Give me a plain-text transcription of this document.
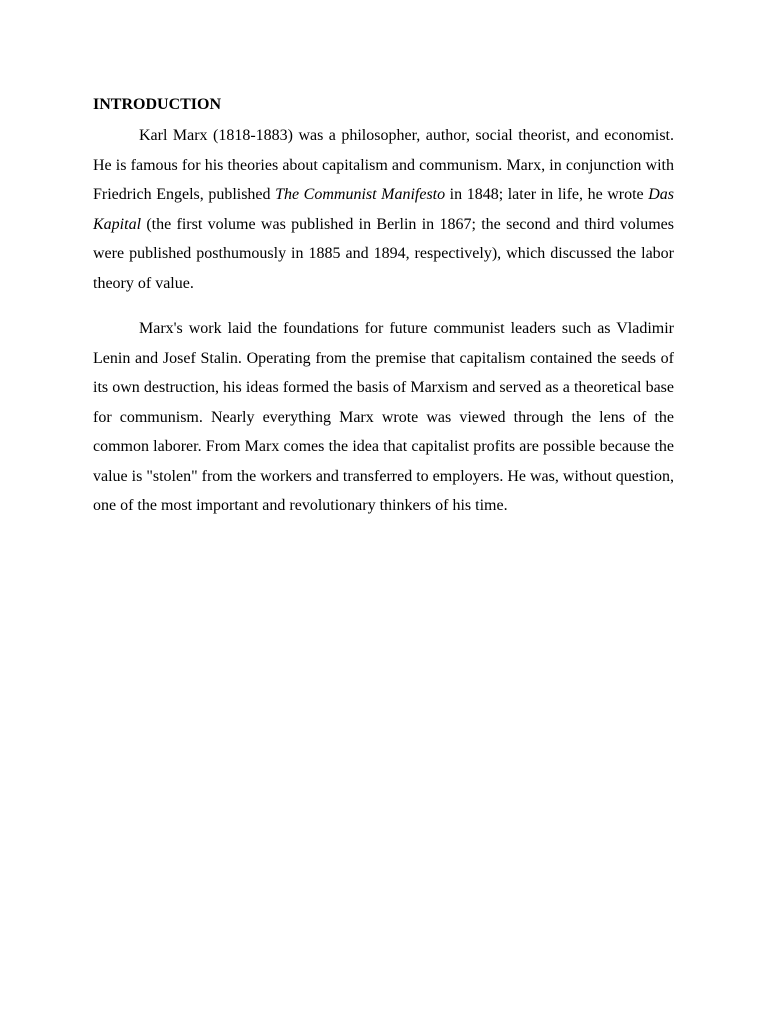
INTRODUCTION

Karl Marx (1818-1883) was a philosopher, author, social theorist, and economist. He is famous for his theories about capitalism and communism. Marx, in conjunction with Friedrich Engels, published The Communist Manifesto in 1848; later in life, he wrote Das Kapital (the first volume was published in Berlin in 1867; the second and third volumes were published posthumously in 1885 and 1894, respectively), which discussed the labor theory of value.

Marx's work laid the foundations for future communist leaders such as Vladimir Lenin and Josef Stalin. Operating from the premise that capitalism contained the seeds of its own destruction, his ideas formed the basis of Marxism and served as a theoretical base for communism. Nearly everything Marx wrote was viewed through the lens of the common laborer. From Marx comes the idea that capitalist profits are possible because the value is "stolen" from the workers and transferred to employers. He was, without question, one of the most important and revolutionary thinkers of his time.
